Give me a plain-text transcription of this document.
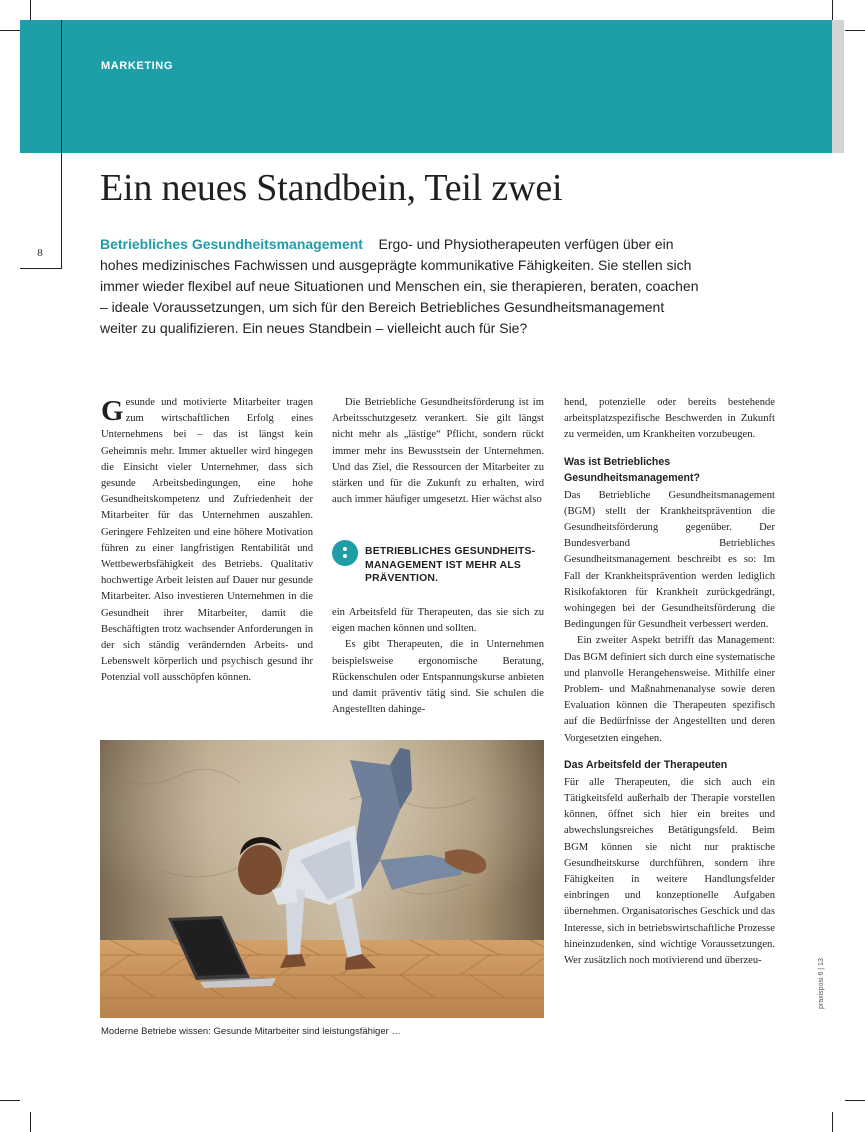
MARKETING
8
Ein neues Standbein, Teil zwei
Betriebliches Gesundheitsmanagement Ergo- und Physiotherapeuten verfügen über ein hohes medizinisches Fachwissen und ausgeprägte kommunikative Fähigkeiten. Sie stellen sich immer wieder flexibel auf neue Situationen und Menschen ein, sie therapieren, beraten, coachen – ideale Voraussetzungen, um sich für den Bereich Betriebliches Gesundheitsmanagement weiter zu qualifizieren. Ein neues Standbein – vielleicht auch für Sie?

Gesunde und motivierte Mitarbeiter tragen zum wirtschaftlichen Erfolg eines Unternehmens bei – das ist längst kein Geheimnis mehr. Immer aktueller wird hingegen die Einsicht vieler Unternehmer, dass sich gesunde Arbeitsbedingungen, eine hohe Gesundheitskompetenz und Zufriedenheit der Mitarbeiter für das Unternehmen auszahlen. Geringere Fehlzeiten und eine höhere Motivation führen zu einer langfristigen Rentabilität und Wettbewerbsfähigkeit des Betriebs. Qualitativ hochwertige Arbeit leisten auf Dauer nur gesunde Mitarbeiter. Also investieren Unternehmen in die Gesundheit ihrer Mitarbeiter, damit die Beschäftigten trotz wachsender Anforderungen in der sich ständig verändernden Arbeits- und Lebenswelt körperlich und psychisch gesund ihr Potenzial voll ausschöpfen können.

Die Betriebliche Gesundheitsförderung ist im Arbeitsschutzgesetz verankert. Sie gilt längst nicht mehr als „lästige“ Pflicht, sondern rückt immer mehr ins Bewusstsein der Unternehmen. Und das Ziel, die Ressourcen der Mitarbeiter zu stärken und für die Zukunft zu erhalten, wird auch immer häufiger umgesetzt. Hier wächst also

BETRIEBLICHES GESUNDHEITS-MANAGEMENT IST MEHR ALS PRÄVENTION.

ein Arbeitsfeld für Therapeuten, das sie sich zu eigen machen können und sollten.

Es gibt Therapeuten, die in Unternehmen beispielsweise ergonomische Beratung, Rückenschulen oder Entspannungskurse anbieten und damit präventiv tätig sind. Sie schulen die Angestellten dahinge-

hend, potenzielle oder bereits bestehende arbeitsplatzspezifische Beschwerden in Zukunft zu vermeiden, um Krankheiten vorzubeugen.

Was ist Betriebliches Gesundheitsmanagement?

Das Betriebliche Gesundheitsmanagement (BGM) stellt der Krankheitsprävention die Gesundheitsförderung gegenüber. Der Bundesverband Betriebliches Gesundheitsmanagement beschreibt es so: Im Fall der Krankheitsprävention werden lediglich Risikofaktoren für Krankheit zurückgedrängt, wohingegen bei der Gesundheitsförderung die Bedingungen für Gesundheit verbessert werden.

Ein zweiter Aspekt betrifft das Management: Das BGM definiert sich durch eine systematische und planvolle Herangehensweise. Mithilfe einer Problem- und Maßnahmenanalyse sowie deren Evaluation können die Therapeuten spezifisch auf die Bedürfnisse der Angestellten und deren Vorgesetzten eingehen.

Das Arbeitsfeld der Therapeuten

Für alle Therapeuten, die sich auch ein Tätigkeitsfeld außerhalb der Therapie vorstellen können, öffnet sich hier ein breites und abwechslungsreiches Betätigungsfeld. Beim BGM können sie nicht nur praktische Gesundheitskurse durchführen, sondern ihre Fähigkeiten in weitere Handlungsfelder einbringen und konzeptionelle Aufgaben übernehmen. Organisatorisches Geschick und das Interesse, sich in betriebswirtschaftliche Prozesse hineinzudenken, sind wichtige Voraussetzungen. Wer zusätzlich noch motivierend und überzeu-

Moderne Betriebe wissen: Gesunde Mitarbeiter sind leistungsfähiger …
praxisposi 6 | 13
